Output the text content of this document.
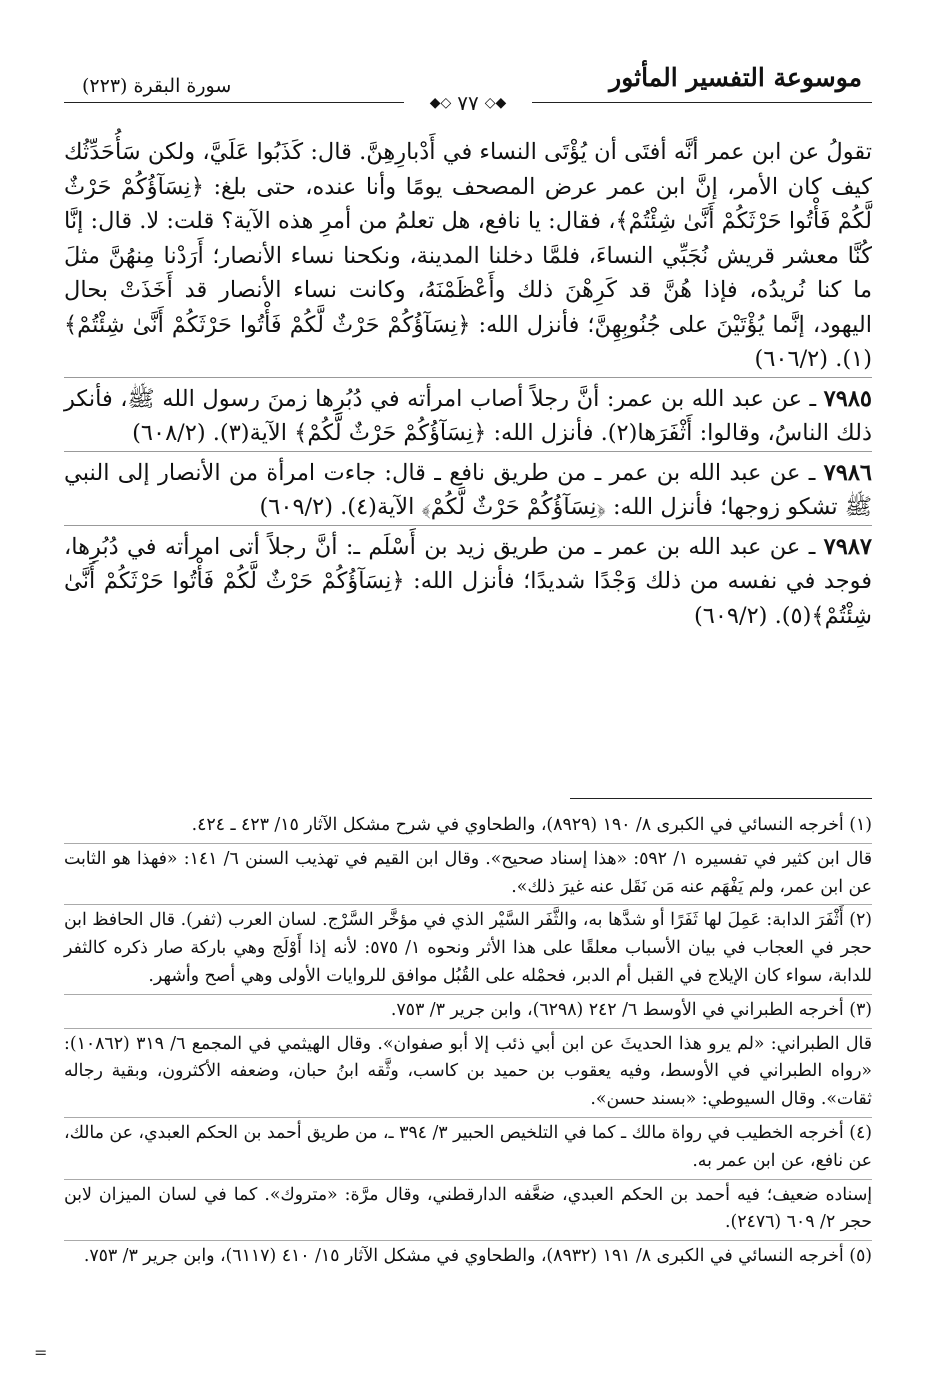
موسوعة التفسير المأثور
سورة البقرة (٢٢٣)
◆◇ ٧٧ ◇◆

تقولُ عن ابن عمر أنَّه أفتَى أن يُؤْتَى النساء في أَدْبارِهِنَّ. قال: كَذَبُوا عَلَيَّ، ولكن سَأُحَدِّثُك كيف كان الأمر، إنَّ ابن عمر عرض المصحف يومًا وأنا عنده، حتى بلغ: ﴿نِسَآؤُكُمْ حَرْثٌ لَّكُمْ فَأْتُوا حَرْثَكُمْ أَنَّىٰ شِئْتُمْ﴾، فقال: يا نافع، هل تعلمُ من أمرِ هذه الآية؟ قلت: لا. قال: إنَّا كُنَّا معشر قريش نُجَبِّي النساءَ، فلمَّا دخلنا المدينة، ونكحنا نساء الأنصار؛ أَرَدْنا مِنهُنَّ مثلَ ما كنا نُريدُه، فإذا هُنَّ قد كَرِهْنَ ذلك وأَعْظَمْنَهُ، وكانت نساء الأنصار قد أَخَذَتْ بحال اليهود، إنَّما يُؤْتَيْنَ على جُنُوبِهِنَّ؛ فأنزل الله: ﴿نِسَآؤُكُمْ حَرْثٌ لَّكُمْ فَأْتُوا حَرْثَكُمْ أَنَّىٰ شِئْتُمْ﴾(١). (٦٠٦/٢)

٧٩٨٥ ـ عن عبد الله بن عمر: أنَّ رجلاً أصاب امرأته في دُبُرِها زمنَ رسول الله ﷺ، فأنكر ذلك الناسُ، وقالوا: أَثْفَرَها(٢). فأنزل الله: ﴿نِسَآؤُكُمْ حَرْثٌ لَّكُمْ﴾ الآية(٣). (٦٠٨/٢)

٧٩٨٦ ـ عن عبد الله بن عمر ـ من طريق نافع ـ قال: جاءت امرأة من الأنصار إلى النبي ﷺ تشكو زوجها؛ فأنزل الله: ﴿نِسَآؤُكُمْ حَرْثٌ لَّكُمْ﴾ الآية(٤). (٦٠٩/٢)

٧٩٨٧ ـ عن عبد الله بن عمر ـ من طريق زيد بن أَسْلَم ـ: أنَّ رجلاً أتى امرأته في دُبُرِها، فوجد في نفسه من ذلك وَجْدًا شديدًا؛ فأنزل الله: ﴿نِسَآؤُكُمْ حَرْثٌ لَّكُمْ فَأْتُوا حَرْثَكُمْ أَنَّىٰ شِئْتُمْ﴾(٥). (٦٠٩/٢)

(١) أخرجه النسائي في الكبرى ٨/ ١٩٠ (٨٩٢٩)، والطحاوي في شرح مشكل الآثار ١٥/ ٤٢٣ ـ ٤٢٤.

قال ابن كثير في تفسيره ١/ ٥٩٢: «هذا إسناد صحيح». وقال ابن القيم في تهذيب السنن ٦/ ١٤١: «فهذا هو الثابت عن ابن عمر، ولم يَفْهَم عنه مَن نَقَل عنه غيرَ ذلك».

(٢) أَثْفَرَ الدابة: عَمِلَ لها ثَفَرًا أو شدَّها به، والثَّفَر السَّيْر الذي في مؤخَّر السَّرْج. لسان العرب (ثفر). قال الحافظ ابن حجر في العجاب في بيان الأسباب معلقًا على هذا الأثر ونحوه ١/ ٥٧٥: لأنه إذا أَوْلَج وهي باركة صار ذكره كالثفر للدابة، سواء كان الإيلاج في القبل أم الدبر، فحمْله على القُبُل موافق للروايات الأولى وهي أصح وأشهر.

(٣) أخرجه الطبراني في الأوسط ٦/ ٢٤٢ (٦٢٩٨)، وابن جرير ٣/ ٧٥٣.

قال الطبراني: «لم يرو هذا الحديثَ عن ابن أبي ذئب إلا أبو صفوان». وقال الهيثمي في المجمع ٦/ ٣١٩ (١٠٨٦٢): «رواه الطبراني في الأوسط، وفيه يعقوب بن حميد بن كاسب، وثَّقه ابنُ حبان، وضعفه الأكثرون، وبقية رجاله ثقات». وقال السيوطي: «بسند حسن».

(٤) أخرجه الخطيب في رواة مالك ـ كما في التلخيص الحبير ٣/ ٣٩٤ ـ، من طريق أحمد بن الحكم العبدي، عن مالك، عن نافع، عن ابن عمر به.

إسناده ضعيف؛ فيه أحمد بن الحكم العبدي، ضعَّفه الدارقطني، وقال مرَّة: «متروك». كما في لسان الميزان لابن حجر ٢/ ٦٠٩ (٢٤٧٦).

(٥) أخرجه النسائي في الكبرى ٨/ ١٩١ (٨٩٣٢)، والطحاوي في مشكل الآثار ١٥/ ٤١٠ (٦١١٧)، وابن جرير ٣/ ٧٥٣.

=
